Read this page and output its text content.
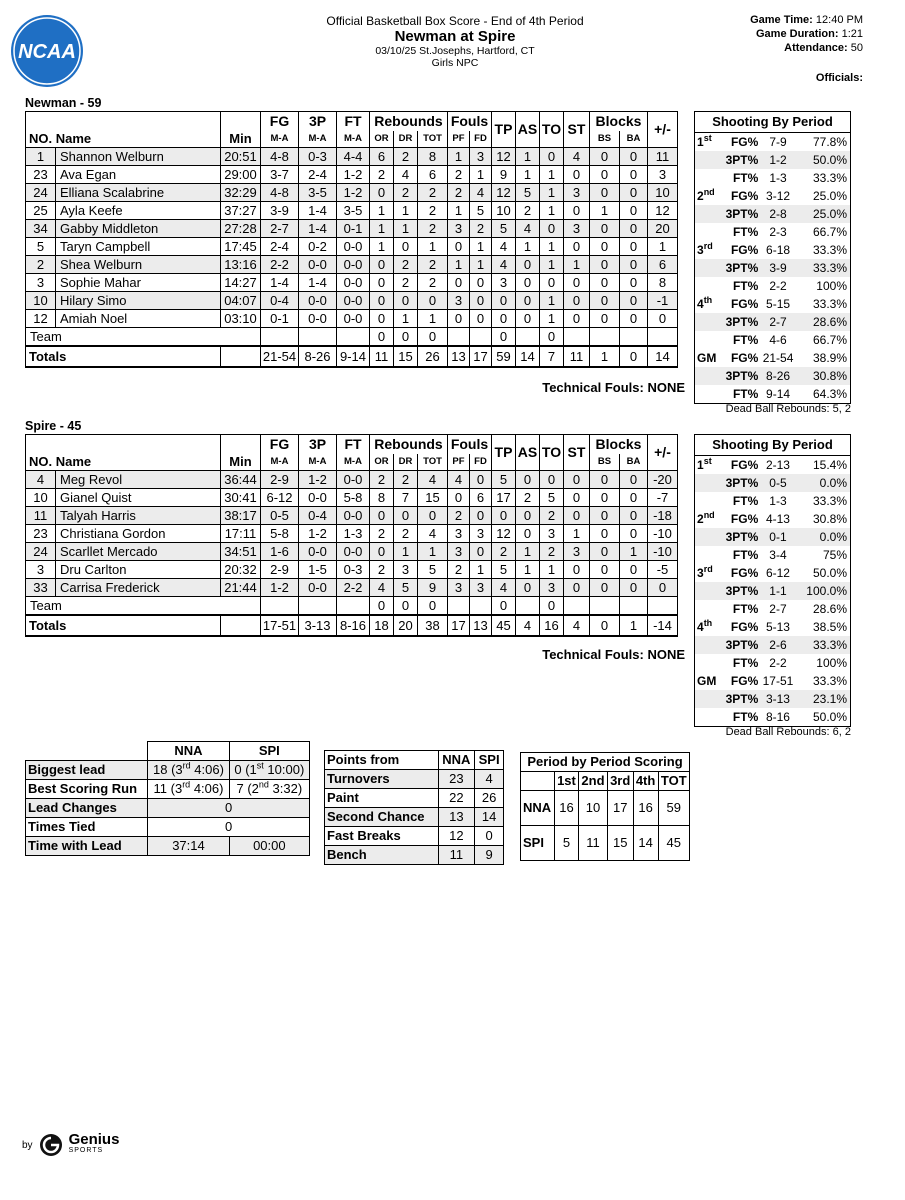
NCAA
Official Basketball Box Score - End of 4th Period
Newman at Spire
03/10/25 St.Josephs, Hartford, CT
Girls NPC
Game Time: 12:40 PM
Game Duration: 1:21
Attendance: 50
Officials:
Newman - 59
			FG	3P	FT	Rebounds			Fouls		TP	AS	TO	ST	Blocks		+/-
NO. Name		Min	M-A	M-A	M-A	OR	DR	TOT	PF	FD					BS	BA	
1	Shannon Welburn	20:51	4-8	0-3	4-4	6	2	8	1	3	12	1	0	4	0	0	11
23	Ava Egan	29:00	3-7	2-4	1-2	2	4	6	2	1	9	1	1	0	0	0	3
24	Elliana Scalabrine	32:29	4-8	3-5	1-2	0	2	2	2	4	12	5	1	3	0	0	10
25	Ayla Keefe	37:27	3-9	1-4	3-5	1	1	2	1	5	10	2	1	0	1	0	12
34	Gabby Middleton	27:28	2-7	1-4	0-1	1	1	2	3	2	5	4	0	3	0	0	20
5	Taryn Campbell	17:45	2-4	0-2	0-0	1	0	1	0	1	4	1	1	0	0	0	1
2	Shea Welburn	13:16	2-2	0-0	0-0	0	2	2	1	1	4	0	1	1	0	0	6
3	Sophie Mahar	14:27	1-4	1-4	0-0	0	2	2	0	0	3	0	0	0	0	0	8
10	Hilary Simo	04:07	0-4	0-0	0-0	0	0	0	3	0	0	0	1	0	0	0	-1
12	Amiah Noel	03:10	0-1	0-0	0-0	0	1	1	0	0	0	0	1	0	0	0	0
Team						0	0	0			0		0				
Totals			21-54	8-26	9-14	11	15	26	13	17	59	14	7	11	1	0	14
Technical Fouls: NONE
Shooting By Period			
1st	FG%	7-9	77.8%
	3PT%	1-2	50.0%
	FT%	1-3	33.3%
2nd	FG%	3-12	25.0%
	3PT%	2-8	25.0%
	FT%	2-3	66.7%
3rd	FG%	6-18	33.3%
	3PT%	3-9	33.3%
	FT%	2-2	100%
4th	FG%	5-15	33.3%
	3PT%	2-7	28.6%
	FT%	4-6	66.7%
GM	FG%	21-54	38.9%
	3PT%	8-26	30.8%
	FT%	9-14	64.3%
Dead Ball Rebounds: 5, 2
Spire - 45
			FG	3P	FT	Rebounds			Fouls		TP	AS	TO	ST	Blocks		+/-
NO. Name		Min	M-A	M-A	M-A	OR	DR	TOT	PF	FD					BS	BA	
4	Meg Revol	36:44	2-9	1-2	0-0	2	2	4	4	0	5	0	0	0	0	0	-20
10	Gianel Quist	30:41	6-12	0-0	5-8	8	7	15	0	6	17	2	5	0	0	0	-7
11	Talyah Harris	38:17	0-5	0-4	0-0	0	0	0	2	0	0	0	2	0	0	0	-18
23	Christiana Gordon	17:11	5-8	1-2	1-3	2	2	4	3	3	12	0	3	1	0	0	-10
24	Scarllet Mercado	34:51	1-6	0-0	0-0	0	1	1	3	0	2	1	2	3	0	1	-10
3	Dru Carlton	20:32	2-9	1-5	0-3	2	3	5	2	1	5	1	1	0	0	0	-5
33	Carrisa Frederick	21:44	1-2	0-0	2-2	4	5	9	3	3	4	0	3	0	0	0	0
Team						0	0	0			0		0				
Totals			17-51	3-13	8-16	18	20	38	17	13	45	4	16	4	0	1	-14
Technical Fouls: NONE
Shooting By Period			
1st	FG%	2-13	15.4%
	3PT%	0-5	0.0%
	FT%	1-3	33.3%
2nd	FG%	4-13	30.8%
	3PT%	0-1	0.0%
	FT%	3-4	75%
3rd	FG%	6-12	50.0%
	3PT%	1-1	100.0%
	FT%	2-7	28.6%
4th	FG%	5-13	38.5%
	3PT%	2-6	33.3%
	FT%	2-2	100%
GM	FG%	17-51	33.3%
	3PT%	3-13	23.1%
	FT%	8-16	50.0%
Dead Ball Rebounds: 6, 2
	NNA	SPI
Biggest lead	18 (3rd 4:06)	0 (1st 10:00)
Best Scoring Run	11 (3rd 4:06)	7 (2nd 3:32)
Lead Changes	0	
Times Tied	0	
Time with Lead	37:14	00:00
Points from	NNA	SPI
Turnovers	23	4
Paint	22	26
Second Chance	13	14
Fast Breaks	12	0
Bench	11	9
Period by Period Scoring					
	1st	2nd	3rd	4th	TOT
NNA	16	10	17	16	59
SPI	5	11	15	14	45
by Genius
SPORTS
